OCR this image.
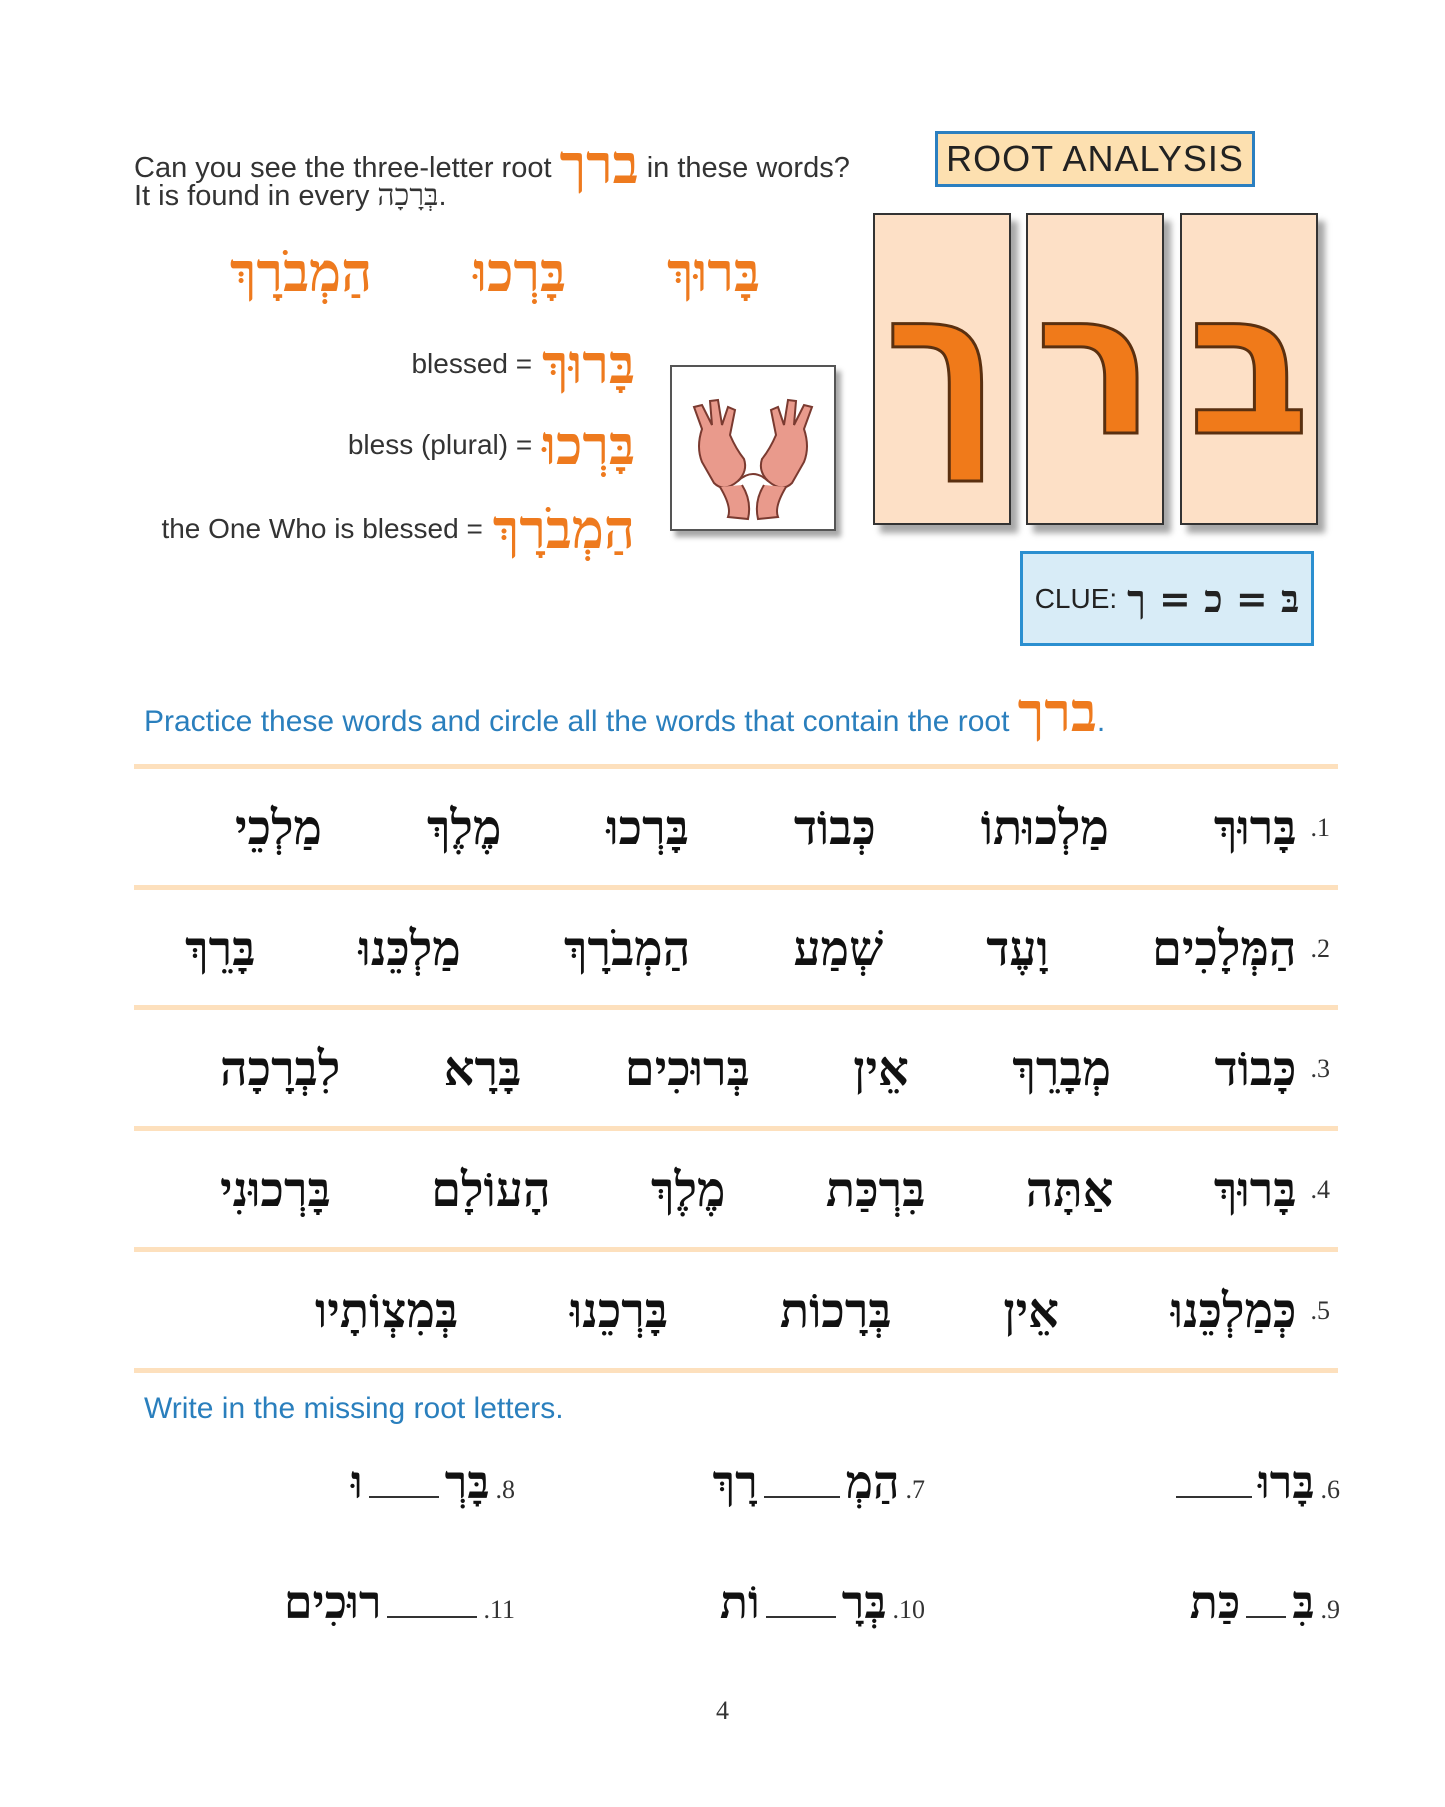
Can you see the three-letter root ברך in these words?
It is found in every בְּרָכָה.
בָּרוּךְ
בָּרְכוּ
הַמְבֹרָךְ
blessed = בָּרוּךְ
bless (plural) = בָּרְכוּ
the One Who is blessed = הַמְבֹרָךְ
ROOT ANALYSIS
ך ר ב
CLUE: בּ = כ = ך
Practice these words and circle all the words that contain the root ברך.
.1
בָּרוּךְ
מַלְכוּתוֹ
כְּבוֹד
בָּרְכוּ
מֶלֶךְ
מַלְכֵי
.2
הַמְּלָכִים
וָעֶד
שְׁמַע
הַמְבֹרָךְ
מַלְכֵּנוּ
בָּרֵךְ
.3
כָּבוֹד
מְבָרֵךְ
אֵין
בְּרוּכִים
בָּרָא
לִבְרָכָה
.4
בָּרוּךְ
אַתָּה
בִּרְכַּת
מֶלֶךְ
הָעוֹלָם
בָּרְכוּנִי
.5
כְּמַלְכֵּנוּ
אֵין
בְּרָכוֹת
בָּרְכֵנוּ
בְּמִצְוֹתָיו
Write in the missing root letters.
.6
בָּרוּ
.7
הַמְ
רָךְ
.8
בָּרְ
וּ
.9
בִּ
כַּת
.10
בְּרָ
וֹת
.11
רוּכִים
4
